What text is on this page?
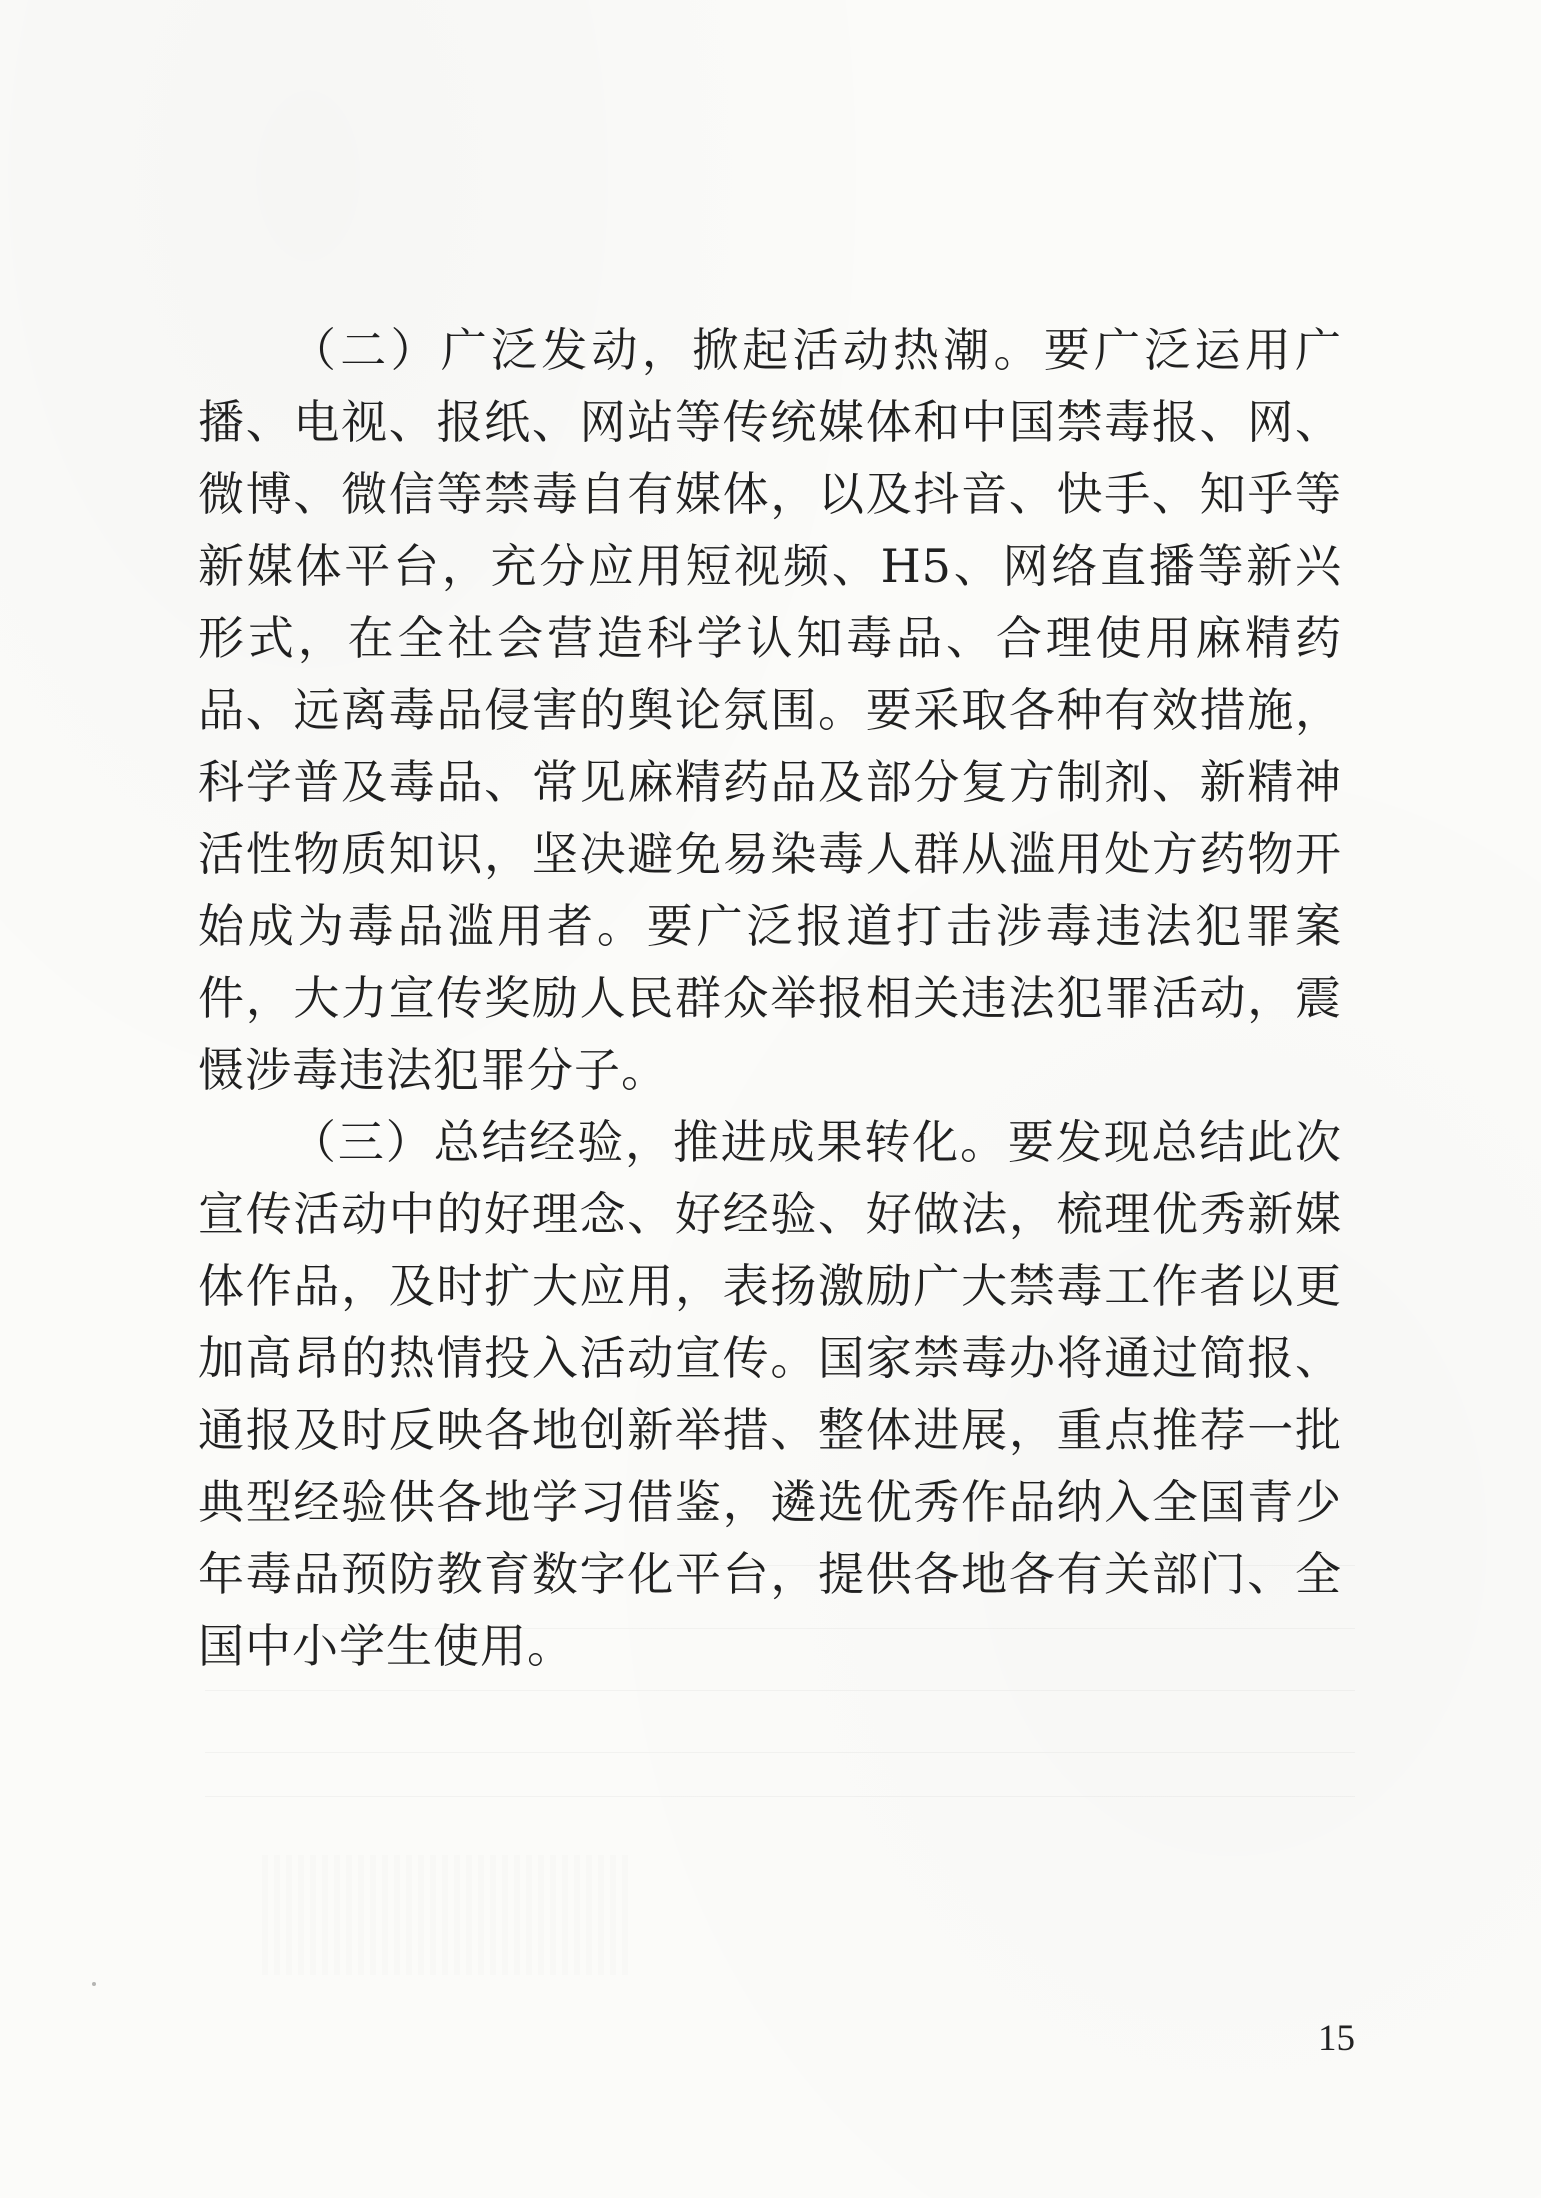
（二）广泛发动，掀起活动热潮。要广泛运用广播、电视、报纸、网站等传统媒体和中国禁毒报、网、微博、微信等禁毒自有媒体，以及抖音、快手、知乎等新媒体平台，充分应用短视频、H5、网络直播等新兴形式，在全社会营造科学认知毒品、合理使用麻精药品、远离毒品侵害的舆论氛围。要采取各种有效措施，科学普及毒品、常见麻精药品及部分复方制剂、新精神活性物质知识，坚决避免易染毒人群从滥用处方药物开始成为毒品滥用者。要广泛报道打击涉毒违法犯罪案件，大力宣传奖励人民群众举报相关违法犯罪活动，震慑涉毒违法犯罪分子。

（三）总结经验，推进成果转化。要发现总结此次宣传活动中的好理念、好经验、好做法，梳理优秀新媒体作品，及时扩大应用，表扬激励广大禁毒工作者以更加高昂的热情投入活动宣传。国家禁毒办将通过简报、通报及时反映各地创新举措、整体进展，重点推荐一批典型经验供各地学习借鉴，遴选优秀作品纳入全国青少年毒品预防教育数字化平台，提供各地各有关部门、全国中小学生使用。

15
